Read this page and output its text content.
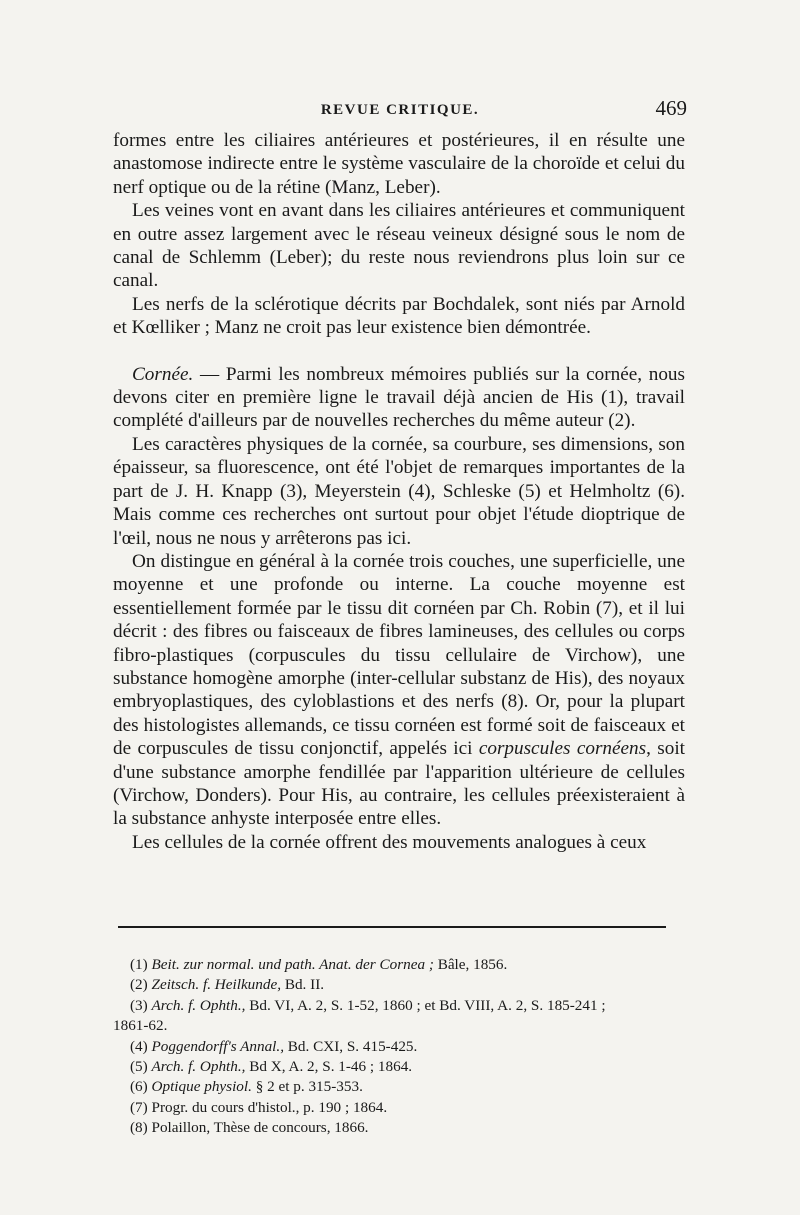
REVUE CRITIQUE.	469

formes entre les ciliaires antérieures et postérieures, il en résulte une anastomose indirecte entre le système vasculaire de la choroïde et celui du nerf optique ou de la rétine (Manz, Leber).

Les veines vont en avant dans les ciliaires antérieures et communiquent en outre assez largement avec le réseau veineux désigné sous le nom de canal de Schlemm (Leber); du reste nous reviendrons plus loin sur ce canal.

Les nerfs de la sclérotique décrits par Bochdalek, sont niés par Arnold et Kœlliker ; Manz ne croit pas leur existence bien démontrée.

Cornée. — Parmi les nombreux mémoires publiés sur la cornée, nous devons citer en première ligne le travail déjà ancien de His (1), travail complété d'ailleurs par de nouvelles recherches du même auteur (2).

Les caractères physiques de la cornée, sa courbure, ses dimensions, son épaisseur, sa fluorescence, ont été l'objet de remarques importantes de la part de J. H. Knapp (3), Meyerstein (4), Schleske (5) et Helmholtz (6). Mais comme ces recherches ont surtout pour objet l'étude dioptrique de l'œil, nous ne nous y arrêterons pas ici.

On distingue en général à la cornée trois couches, une superficielle, une moyenne et une profonde ou interne. La couche moyenne est essentiellement formée par le tissu dit cornéen par Ch. Robin (7), et il lui décrit : des fibres ou faisceaux de fibres lamineuses, des cellules ou corps fibro-plastiques (corpuscules du tissu cellulaire de Virchow), une substance homogène amorphe (inter-cellular substanz de His), des noyaux embryoplastiques, des cyloblastions et des nerfs (8). Or, pour la plupart des histologistes allemands, ce tissu cornéen est formé soit de faisceaux et de corpuscules de tissu conjonctif, appelés ici corpuscules cornéens, soit d'une substance amorphe fendillée par l'apparition ultérieure de cellules (Virchow, Donders). Pour His, au contraire, les cellules préexisteraient à la substance anhyste interposée entre elles.

Les cellules de la cornée offrent des mouvements analogues à ceux

(1) Beit. zur normal. und path. Anat. der Cornea ; Bâle, 1856.

(2) Zeitsch. f. Heilkunde, Bd. II.

(3) Arch. f. Ophth., Bd. VI, A. 2, S. 1-52, 1860 ; et Bd. VIII, A. 2, S. 185-241 ;

1861-62.

(4) Poggendorff's Annal., Bd. CXI, S. 415-425.

(5) Arch. f. Ophth., Bd X, A. 2, S. 1-46 ; 1864.

(6) Optique physiol. § 2 et p. 315-353.

(7) Progr. du cours d'histol., p. 190 ; 1864.

(8) Polaillon, Thèse de concours, 1866.
